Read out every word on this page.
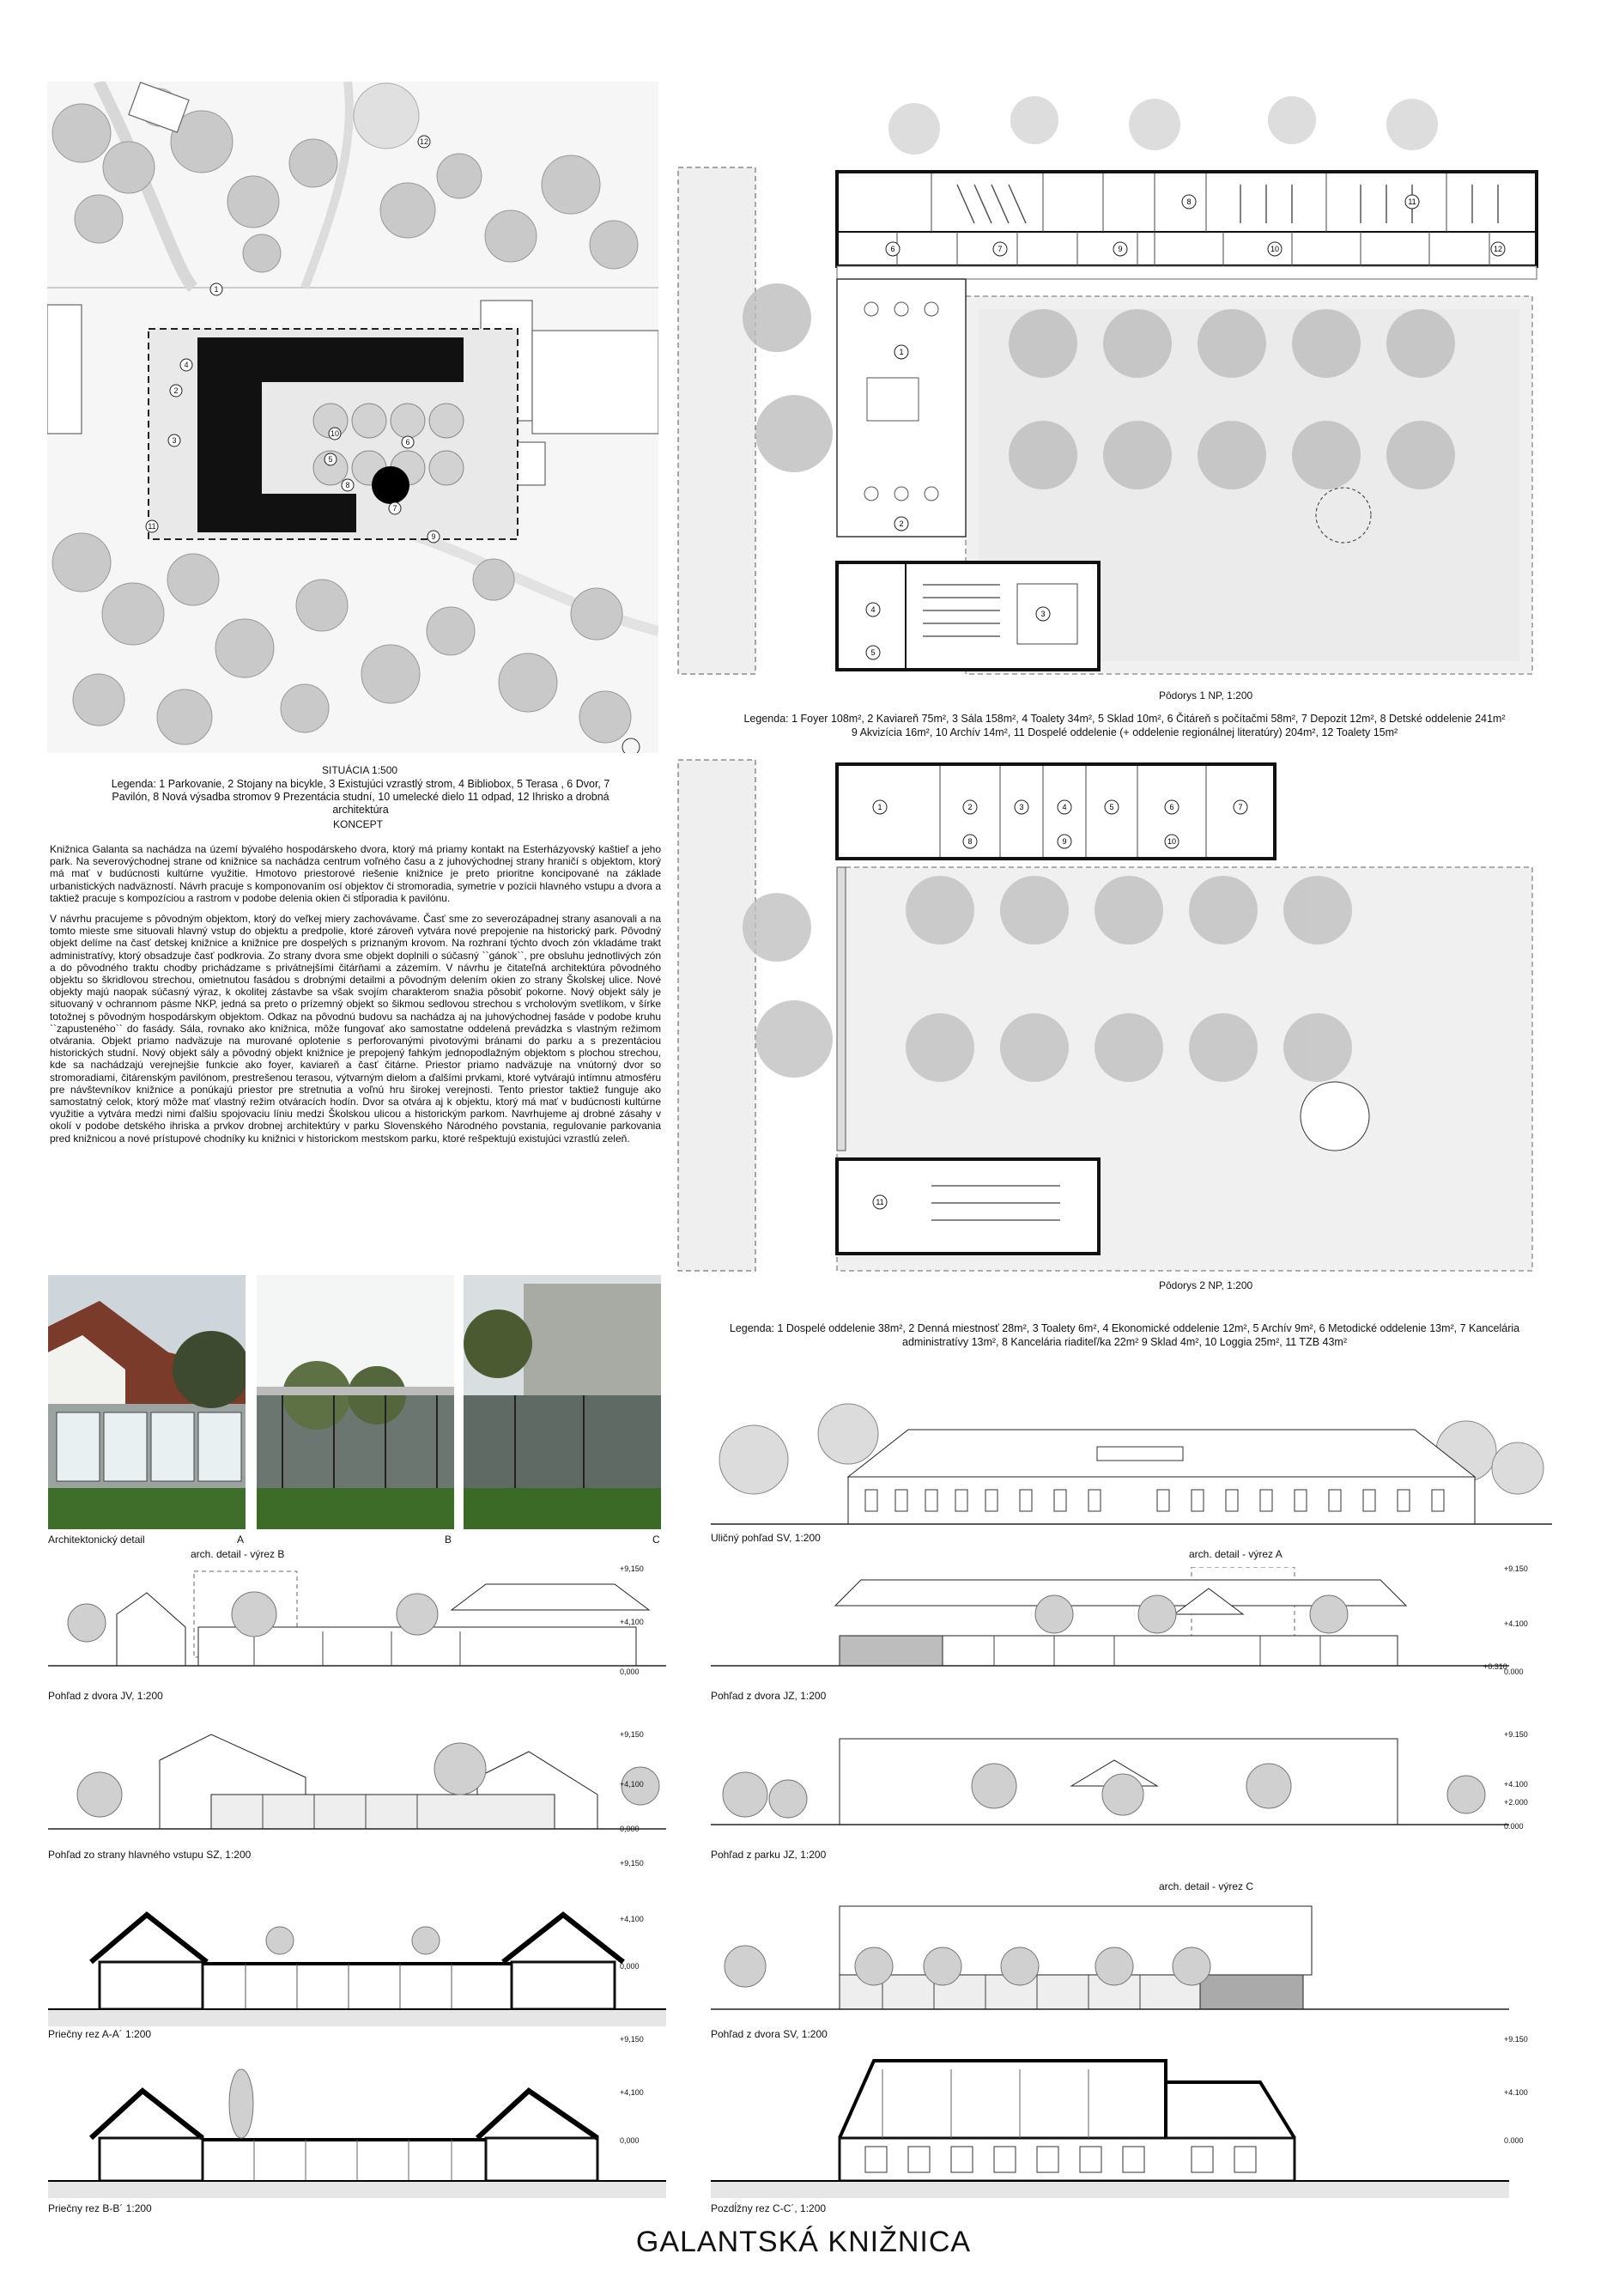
1
4
2
3	6
8
7
5
9
10
11
12
SITUÁCIA 1:500
Legenda: 1 Parkovanie, 2 Stojany na bicykle, 3 Existujúci vzrastlý strom, 4 Bibliobox, 5 Terasa , 6 Dvor, 7 Pavilón, 8 Nová výsadba stromov 9 Prezentácia studní, 10 umelecké dielo 11 odpad, 12 Ihrisko a drobná architektúra
KONCEPT

Knižnica Galanta sa nachádza na území bývalého hospodárskeho dvora, ktorý má priamy kontakt na Esterházyovský kaštieľ a jeho park. Na severovýchodnej strane od knižnice sa nachádza centrum voľného času a z juhovýchodnej strany hraničí s objektom, ktorý má mať v budúcnosti kultúrne využitie. Hmotovo priestorové riešenie knižnice je preto prioritne koncipované na základe urbanistických nadväzností. Návrh pracuje s komponovaním osí objektov či stromoradia, symetrie v pozícii hlavného vstupu a dvora a taktiež pracuje s kompozíciou a rastrom v podobe delenia okien či stĺporadia k pavilónu.

V návrhu pracujeme s pôvodným objektom, ktorý do veľkej miery zachovávame. Časť sme zo severozápadnej strany asanovali a na tomto mieste sme situovali hlavný vstup do objektu a predpolie, ktoré zároveň vytvára nové prepojenie na historický park. Pôvodný objekt delíme na časť detskej knižnice a knižnice pre dospelých s priznaným krovom. Na rozhraní týchto dvoch zón vkladáme trakt administratívy, ktorý obsadzuje časť podkrovia. Zo strany dvora sme objekt doplnili o súčasný ``gánok``, pre obsluhu jednotlivých zón a do pôvodného traktu chodby prichádzame s privátnejšími čitárňami a zázemím. V návrhu je čitateľná architektúra pôvodného objektu so škridlovou strechou, omietnutou fasádou s drobnými detailmi a pôvodným delením okien zo strany Školskej ulice. Nové objekty majú naopak súčasný výraz, k okolitej zástavbe sa však svojím charakterom snažia pôsobiť pokorne. Nový objekt sály je situovaný v ochrannom pásme NKP, jedná sa preto o prízemný objekt so šikmou sedlovou strechou s vrcholovým svetlíkom, v šírke totožnej s pôvodným hospodárskym objektom. Odkaz na pôvodnú budovu sa nachádza aj na juhovýchodnej fasáde v podobe kruhu ``zapusteného`` do fasády. Sála, rovnako ako knižnica, môže fungovať ako samostatne oddelená prevádzka s vlastným režimom otvárania. Objekt priamo nadväzuje na murované oplotenie s perforovanými pivotovými bránami do parku a s prezentáciou historických studní. Nový objekt sály a pôvodný objekt knižnice je prepojený fahkým jednopodlažným objektom s plochou strechou, kde sa nachádzajú verejnejšie funkcie ako foyer, kaviareň a časť čitárne. Priestor priamo nadväzuje na vnútorný dvor so stromoradiami, čitárenským pavilónom, prestrešenou terasou, výtvarným dielom a ďalšími prvkami, ktoré vytvárajú intímnu atmosféru pre návštevníkov knižnice a ponúkajú priestor pre stretnutia a voľnú hru širokej verejnosti. Tento priestor taktiež funguje ako samostatný celok, ktorý môže mať vlastný režim otváracích hodín. Dvor sa otvára aj k objektu, ktorý má mať v budúcnosti kultúrne využitie a vytvára medzi nimi ďalšiu spojovaciu líniu medzi Školskou ulicou a historickým parkom. Navrhujeme aj drobné zásahy v okolí v podobe detského ihriska a prvkov drobnej architektúry v parku Slovenského Národného povstania, regulovanie parkovania pred knižnicou a nové prístupové chodníky ku knižnici v historickom mestskom parku, ktoré rešpektujú existujúci vzrastlú zeleň.

Architektonický detail	A	B	C
1
2
3
4
5
6	7
8
9	10
11
12
Pôdorys 1 NP, 1:200
Legenda: 1 Foyer 108m², 2 Kaviareň 75m², 3 Sála 158m², 4 Toalety 34m², 5 Sklad 10m², 6 Čitáreň s počítačmi 58m², 7 Depozit 12m², 8 Detské oddelenie 241m²
9 Akvizícia 16m², 10 Archív 14m², 11 Dospelé oddelenie (+ oddelenie regionálnej literatúry) 204m², 12 Toalety 15m²
1	2	3	4	5	6	7
8	9	10
11
Pôdorys 2 NP, 1:200
Legenda: 1 Dospelé oddelenie 38m², 2 Denná miestnosť 28m², 3 Toalety 6m², 4 Ekonomické oddelenie 12m², 5 Archív 9m², 6 Metodické oddelenie 13m², 7 Kancelária
administratívy 13m², 8 Kancelária riaditeľ/ka 22m² 9 Sklad 4m², 10 Loggia 25m², 11 TZB 43m²
arch. detail - výrez B
+9,150
+4,100
0,000
Pohľad z dvora JV, 1:200
+9,150
+4,100
0,000
Pohľad zo strany hlavného vstupu SZ, 1:200
+9,150
+4,100
0,000
Priečny rez A-A´ 1:200	+9,150
+4,100
0,000
Priečny rez B-B´ 1:200
Uličný pohľad SV, 1:200
arch. detail - výrez A
+9.150
+4.100
+0.310
0.000
Pohľad z dvora JZ, 1:200
+9.150
+4.100
+2.000
0.000
Pohľad z parku JZ, 1:200
arch. detail - výrez C
Pohľad z dvora SV, 1:200	+9.150
+4.100
0.000
Pozdĺžny rez C-C´, 1:200
GALANTSKÁ KNIŽNICA
